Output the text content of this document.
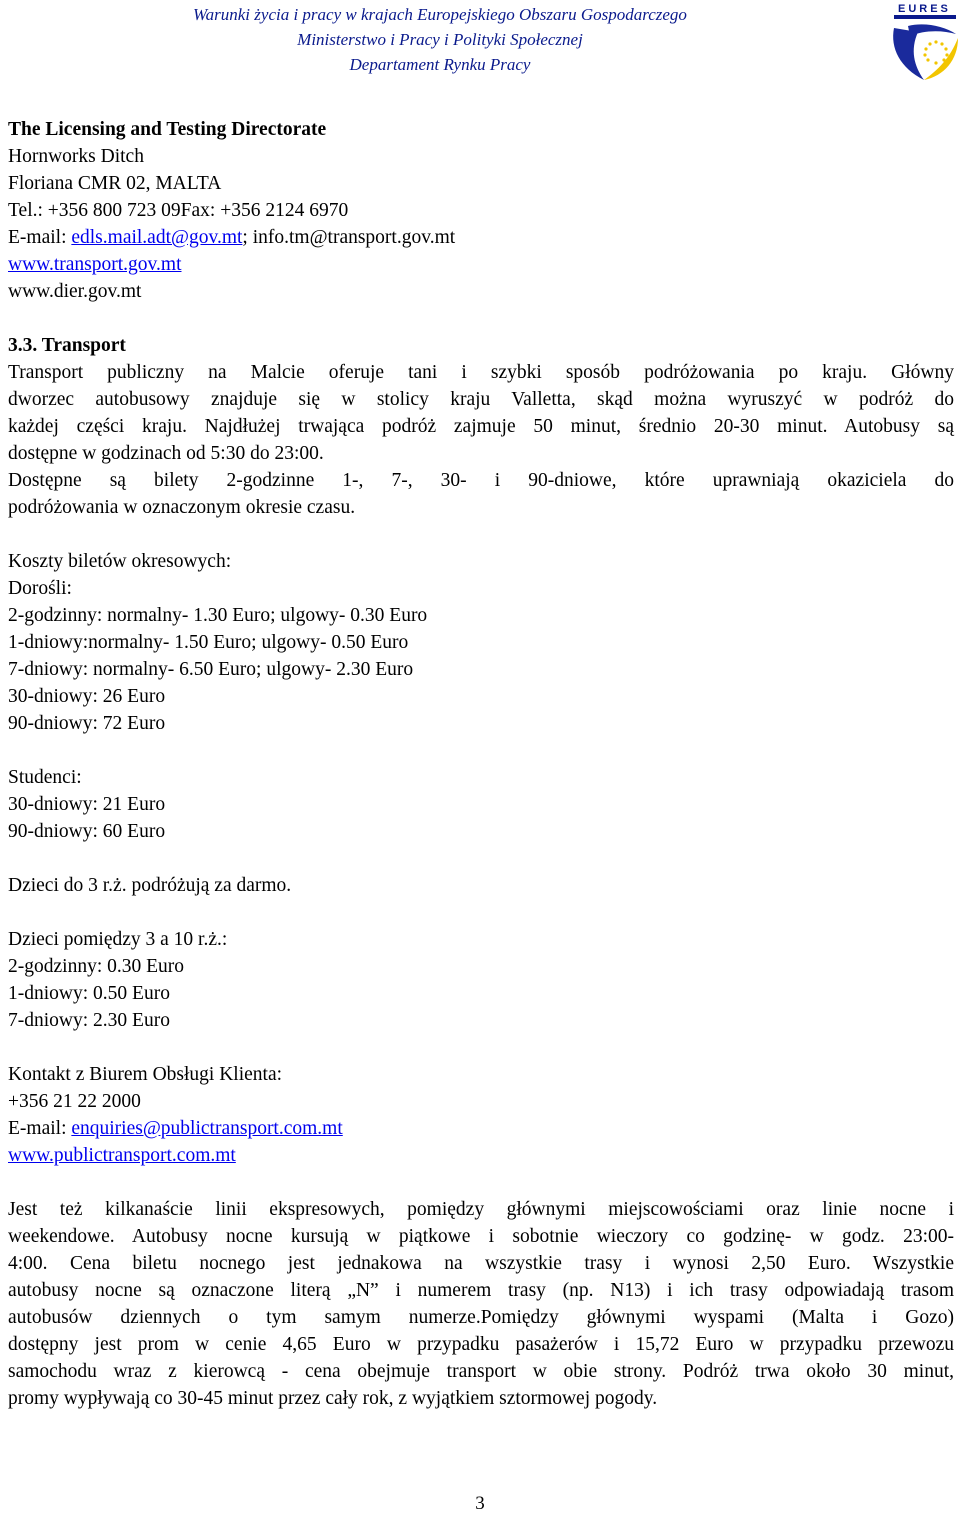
Warunki życia i pracy w krajach Europejskiego Obszaru Gospodarczego
Ministerstwo i Pracy i Polityki Społecznej
Departament Rynku Pracy
EURES
The Licensing and Testing Directorate
Hornworks Ditch
Floriana CMR 02, MALTA
Tel.: +356 800 723 09Fax: +356 2124 6970
E-mail: edls.mail.adt@gov.mt; info.tm@transport.gov.mt
www.transport.gov.mt
www.dier.gov.mt
3.3. Transport
Transport publiczny na Malcie oferuje tani i szybki sposób podróżowania po kraju. Główny
dworzec autobusowy znajduje się w stolicy kraju Valletta, skąd można wyruszyć w podróż do
każdej części kraju. Najdłużej trwająca podróż zajmuje 50 minut, średnio 20-30 minut. Autobusy są
dostępne w godzinach od 5:30 do 23:00.
Dostępne są bilety 2-godzinne 1-, 7-, 30- i 90-dniowe, które uprawniają okaziciela do
podróżowania w oznaczonym okresie czasu.
Koszty biletów okresowych:
Dorośli:
2-godzinny: normalny- 1.30 Euro; ulgowy- 0.30 Euro
1-dniowy:normalny- 1.50 Euro; ulgowy- 0.50 Euro
7-dniowy: normalny- 6.50 Euro; ulgowy- 2.30 Euro
30-dniowy: 26 Euro
90-dniowy: 72 Euro
Studenci:
30-dniowy: 21 Euro
90-dniowy: 60 Euro
Dzieci do 3 r.ż. podróżują za darmo.
Dzieci pomiędzy 3 a 10 r.ż.:
2-godzinny: 0.30 Euro
1-dniowy: 0.50 Euro
7-dniowy: 2.30 Euro
Kontakt z Biurem Obsługi Klienta:
+356 21 22 2000
E-mail: enquiries@publictransport.com.mt
www.publictransport.com.mt
Jest też kilkanaście linii ekspresowych, pomiędzy głównymi miejscowościami oraz linie nocne i
weekendowe. Autobusy nocne kursują w piątkowe i sobotnie wieczory co godzinę- w godz. 23:00-
4:00. Cena biletu nocnego jest jednakowa na wszystkie trasy i wynosi 2,50 Euro. Wszystkie
autobusy nocne są oznaczone literą „N” i numerem trasy (np. N13) i ich trasy odpowiadają trasom
autobusów dziennych o tym samym numerze.Pomiędzy głównymi wyspami (Malta i Gozo)
dostępny jest prom w cenie 4,65 Euro w przypadku pasażerów i 15,72 Euro w przypadku przewozu
samochodu wraz z kierowcą - cena obejmuje transport w obie strony. Podróż trwa około 30 minut,
promy wypływają co 30-45 minut przez cały rok, z wyjątkiem sztormowej pogody.
3
